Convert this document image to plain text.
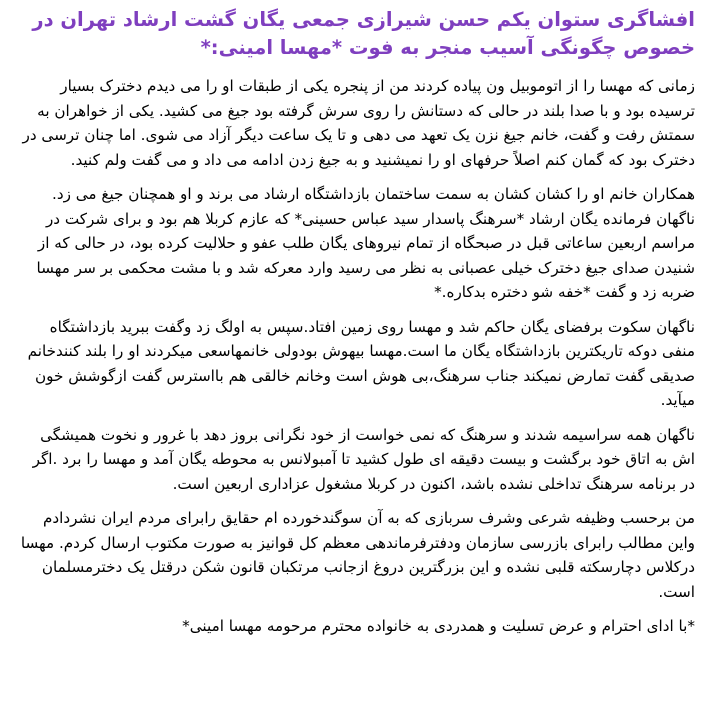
افشاگری ستوان یکم حسن شیرازی جمعی یگان گشت ارشاد تهران در خصوص چگونگی آسیب منجر به فوت *مهسا امینی:*

زمانی که مهسا را از اتوموبیل ون پیاده کردند من از پنجره یکی از طبقات او را می دیدم دخترک بسیار ترسیده بود و با صدا بلند در حالی که دستانش را روی سرش گرفته بود جیغ می کشید. یکی از خواهران به سمتش رفت و گفت، خانم جیغ نزن یک تعهد می دهی و تا یک ساعت دیگر آزاد می شوی. اما چنان ترسی در دخترک بود که گمان کنم اصلاً حرفهای او را نمیشنید و به جیغ زدن ادامه می داد و می گفت ولم کنید.

همکاران خانم او را کشان کشان به سمت ساختمان بازداشتگاه ارشاد می برند و او همچنان جیغ می زد. ناگهان فرمانده یگان ارشاد *سرهنگ پاسدار سید عباس حسینی* که عازم کربلا هم بود و برای شرکت در مراسم اربعین ساعاتی قبل در صبحگاه از تمام نیروهای یگان طلب عفو و حلالیت کرده بود، در حالی که از شنیدن صدای جیغ دخترک خیلی عصبانی به نظر می رسید وارد معرکه شد و با مشت محکمی بر سر مهسا ضربه زد و گفت *خفه شو دختره بدکاره.*

ناگهان سکوت برفضای یگان حاکم شد و مهسا روی زمین افتاد.سپس به اولگ زد وگفت ببرید بازداشتگاه منفی دوکه تاریکترین بازداشتگاه یگان ما است.مهسا بیهوش بودولی خانمهاسعی میکردند او را بلند کنندخانم صدیقی گفت تمارض نمیکند جناب سرهنگ،بی هوش است وخانم خالقی هم بااسترس گفت ازگوشش خون میآید.

ناگهان همه سراسیمه شدند و سرهنگ که نمی خواست از خود نگرانی بروز دهد با غرور و نخوت همیشگی اش به اتاق خود برگشت و بیست دقیقه ای طول کشید تا آمبولانس به محوطه یگان آمد و مهسا را برد .اگر در برنامه سرهنگ تداخلی نشده باشد، اکنون در کربلا مشغول عزاداری اربعین است.

من برحسب وظیفه شرعی وشرف سربازی که به آن سوگندخورده ام حقایق رابرای مردم ایران نشردادم واین مطالب رابرای بازرسی سازمان ودفترفرماندهی معظم کل قوانیز به صورت مکتوب ارسال کردم. مهسا درکلاس دچارسکته قلبی نشده و این بزرگترین دروغ ازجانب مرتکبان قانون شکن درقتل یک دخترمسلمان است.

*با ادای احترام و عرض تسلیت و همدردی به خانواده محترم مرحومه مهسا امینی*
